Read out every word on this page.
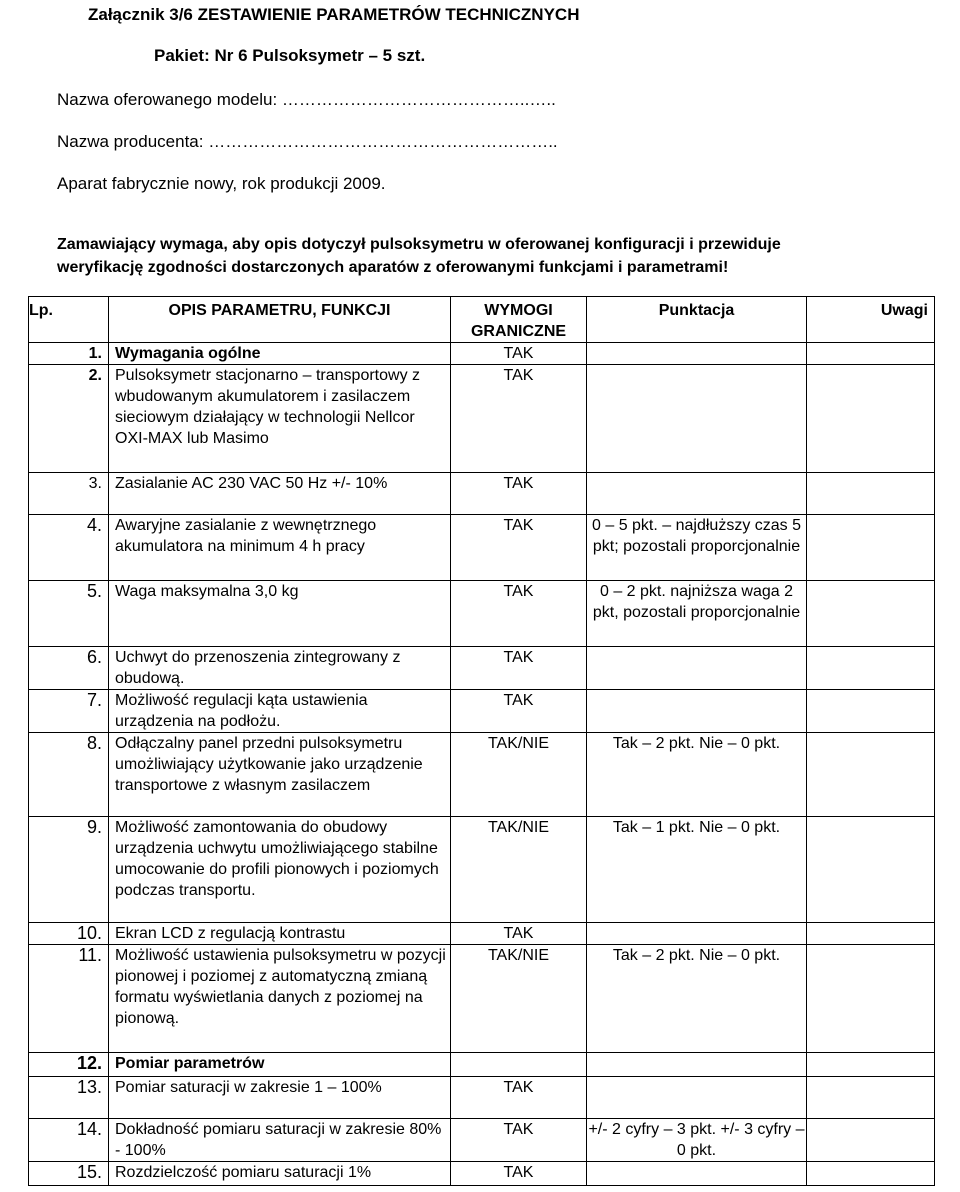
Załącznik 3/6 ZESTAWIENIE PARAMETRÓW TECHNICZNYCH
Pakiet: Nr 6 Pulsoksymetr – 5 szt.
Nazwa oferowanego modelu: ……………………………………..…..
Nazwa producenta: ……………………………………………………..
Aparat fabrycznie nowy, rok produkcji 2009.
Zamawiający wymaga, aby opis dotyczył pulsoksymetru w oferowanej konfiguracji i przewiduje
weryfikację zgodności dostarczonych aparatów z oferowanymi funkcjami i parametrami!
Lp.	OPIS PARAMETRU, FUNKCJI	WYMOGI GRANICZNE	Punktacja	Uwagi
1.	Wymagania ogólne	TAK		
2.	Pulsoksymetr stacjonarno – transportowy z wbudowanym akumulatorem i zasilaczem sieciowym działający w technologii Nellcor OXI-MAX lub Masimo	TAK		
3.	Zasialanie AC 230 VAC 50 Hz +/- 10%	TAK		
4.	Awaryjne zasialanie z wewnętrznego akumulatora na minimum 4 h pracy	TAK	0 – 5 pkt. – najdłuższy czas 5 pkt; pozostali proporcjonalnie	
5.	Waga maksymalna 3,0 kg	TAK	0 – 2 pkt. najniższa waga 2 pkt, pozostali proporcjonalnie	
6.	Uchwyt do przenoszenia zintegrowany z obudową.	TAK		
7.	Możliwość regulacji kąta ustawienia urządzenia na podłożu.	TAK		
8.	Odłączalny panel przedni pulsoksymetru umożliwiający użytkowanie jako urządzenie transportowe z własnym zasilaczem	TAK/NIE	Tak – 2 pkt. Nie – 0 pkt.	
9.	Możliwość zamontowania do obudowy urządzenia uchwytu umożliwiającego stabilne umocowanie do profili pionowych i poziomych podczas transportu.	TAK/NIE	Tak – 1 pkt. Nie – 0 pkt.	
10.	Ekran LCD z regulacją kontrastu	TAK		
11.	Możliwość ustawienia pulsoksymetru w pozycji pionowej i poziomej z automatyczną zmianą formatu wyświetlania danych z poziomej na pionową.	TAK/NIE	Tak – 2 pkt. Nie – 0 pkt.	
12.	Pomiar parametrów			
13.	Pomiar saturacji w zakresie 1 – 100%	TAK		
14.	Dokładność pomiaru saturacji w zakresie 80% - 100%	TAK	+/- 2 cyfry – 3 pkt. +/- 3 cyfry – 0 pkt.	
15.	Rozdzielczość pomiaru saturacji 1%	TAK		
